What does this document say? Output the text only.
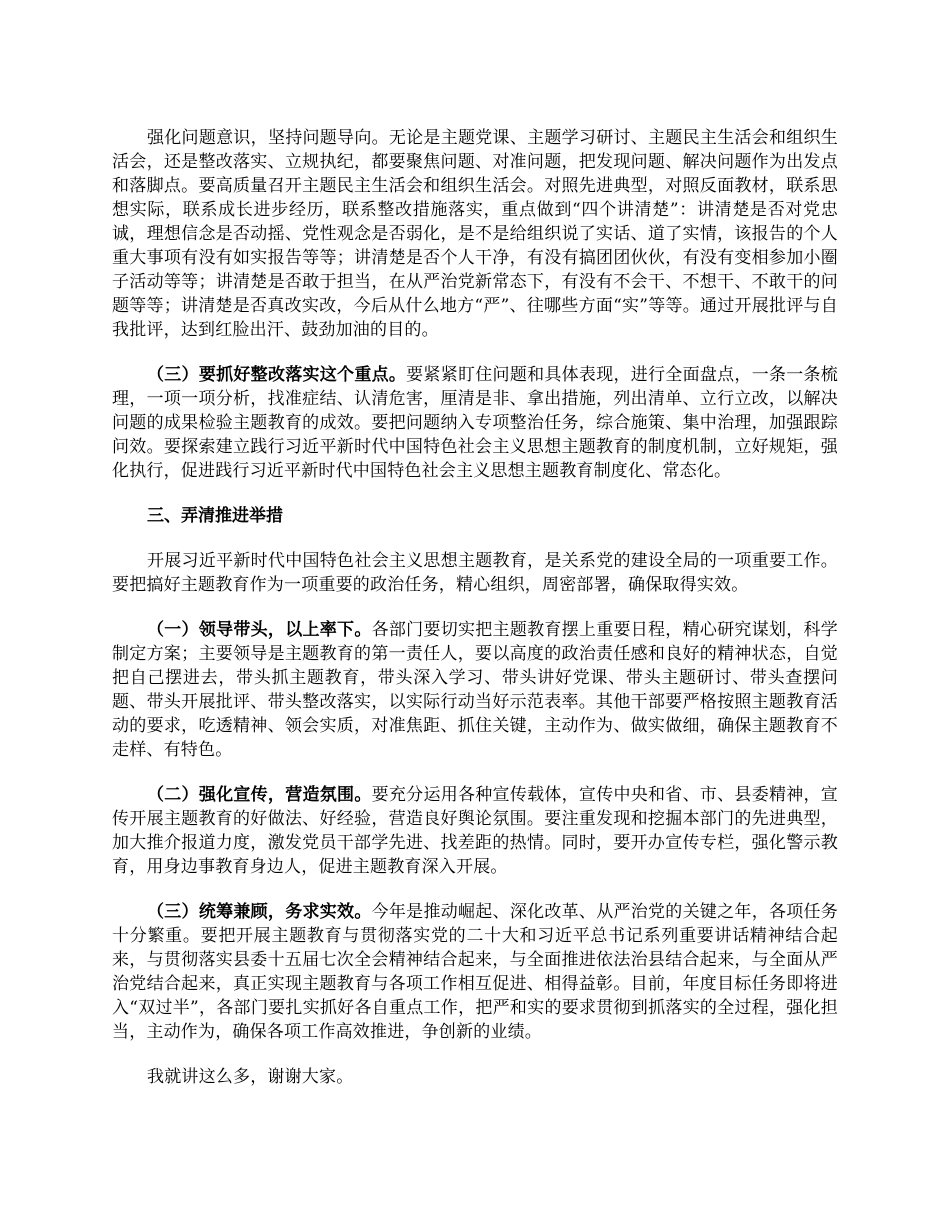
强化问题意识，坚持问题导向。无论是主题党课、主题学习研讨、主题民主生活会和组织生活会，还是整改落实、立规执纪，都要聚焦问题、对准问题，把发现问题、解决问题作为出发点和落脚点。要高质量召开主题民主生活会和组织生活会。对照先进典型，对照反面教材，联系思想实际，联系成长进步经历，联系整改措施落实，重点做到“四个讲清楚”：讲清楚是否对党忠诚，理想信念是否动摇、党性观念是否弱化，是不是给组织说了实话、道了实情，该报告的个人重大事项有没有如实报告等等；讲清楚是否个人干净，有没有搞团团伙伙，有没有变相参加小圈子活动等等；讲清楚是否敢于担当，在从严治党新常态下，有没有不会干、不想干、不敢干的问题等等；讲清楚是否真改实改，今后从什么地方“严”、往哪些方面“实”等等。通过开展批评与自我批评，达到红脸出汗、鼓劲加油的目的。

（三）要抓好整改落实这个重点。要紧紧盯住问题和具体表现，进行全面盘点，一条一条梳理，一项一项分析，找准症结、认清危害，厘清是非、拿出措施，列出清单、立行立改，以解决问题的成果检验主题教育的成效。要把问题纳入专项整治任务，综合施策、集中治理，加强跟踪问效。要探索建立践行习近平新时代中国特色社会主义思想主题教育的制度机制，立好规矩，强化执行，促进践行习近平新时代中国特色社会主义思想主题教育制度化、常态化。

三、弄清推进举措

开展习近平新时代中国特色社会主义思想主题教育，是关系党的建设全局的一项重要工作。要把搞好主题教育作为一项重要的政治任务，精心组织，周密部署，确保取得实效。

（一）领导带头，以上率下。各部门要切实把主题教育摆上重要日程，精心研究谋划，科学制定方案；主要领导是主题教育的第一责任人，要以高度的政治责任感和良好的精神状态，自觉把自己摆进去，带头抓主题教育，带头深入学习、带头讲好党课、带头主题研讨、带头查摆问题、带头开展批评、带头整改落实，以实际行动当好示范表率。其他干部要严格按照主题教育活动的要求，吃透精神、领会实质，对准焦距、抓住关键，主动作为、做实做细，确保主题教育不走样、有特色。

（二）强化宣传，营造氛围。要充分运用各种宣传载体，宣传中央和省、市、县委精神，宣传开展主题教育的好做法、好经验，营造良好舆论氛围。要注重发现和挖掘本部门的先进典型，加大推介报道力度，激发党员干部学先进、找差距的热情。同时，要开办宣传专栏，强化警示教育，用身边事教育身边人，促进主题教育深入开展。

（三）统筹兼顾，务求实效。今年是推动崛起、深化改革、从严治党的关键之年，各项任务十分繁重。要把开展主题教育与贯彻落实党的二十大和习近平总书记系列重要讲话精神结合起来，与贯彻落实县委十五届七次全会精神结合起来，与全面推进依法治县结合起来，与全面从严治党结合起来，真正实现主题教育与各项工作相互促进、相得益彰。目前，年度目标任务即将进入“双过半”，各部门要扎实抓好各自重点工作，把严和实的要求贯彻到抓落实的全过程，强化担当，主动作为，确保各项工作高效推进，争创新的业绩。

我就讲这么多，谢谢大家。
